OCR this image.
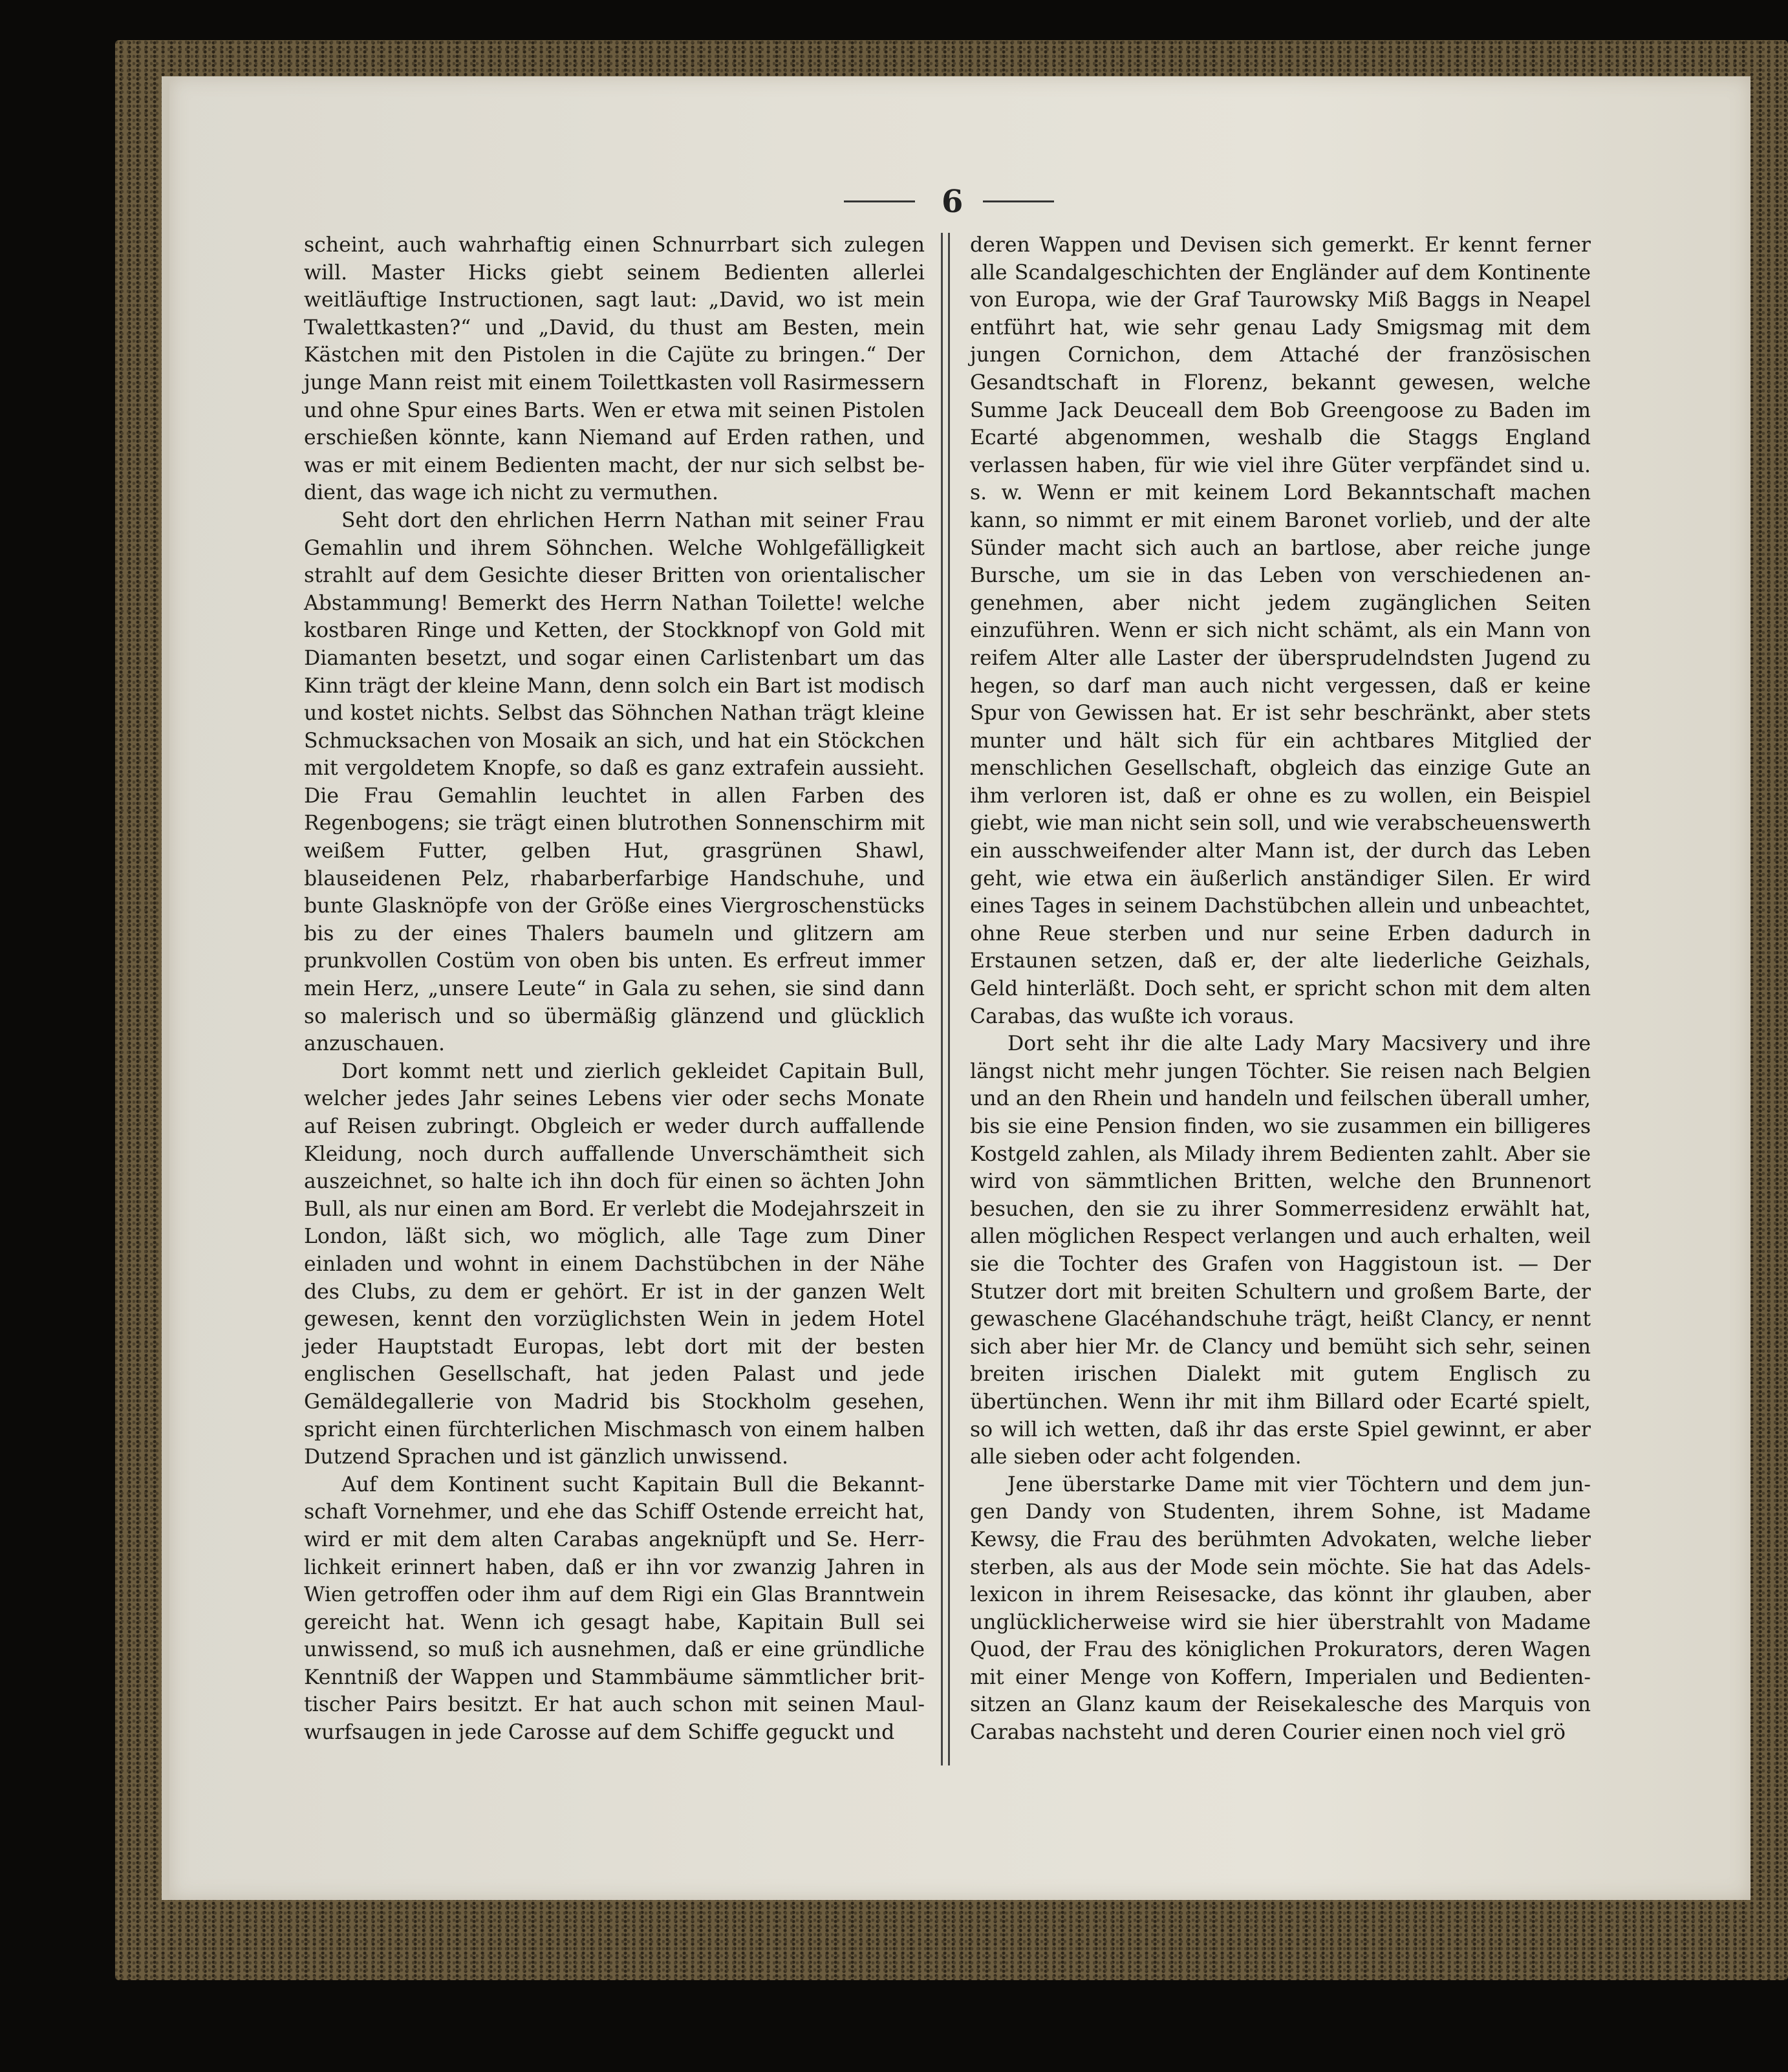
6

scheint, auch wahrhaftig einen Schnurrbart sich zulegen will. Master Hicks giebt seinem Bedienten allerlei weitläuftige Instructionen, sagt laut: „David, wo ist mein Twalettkasten?“ und „David, du thust am Besten, mein Kästchen mit den Pistolen in die Cajüte zu bringen.“ Der junge Mann reist mit einem Toilettkasten voll Rasirmessern und ohne Spur eines Barts. Wen er etwa mit seinen Pistolen erschießen könnte, kann Niemand auf Erden rathen, und was er mit einem Bedienten macht, der nur sich selbst bedient, das wage ich nicht zu vermuthen.

Seht dort den ehrlichen Herrn Nathan mit seiner Frau Gemahlin und ihrem Söhnchen. Welche Wohlgefälligkeit strahlt auf dem Gesichte dieser Britten von orientalischer Abstammung! Bemerkt des Herrn Nathan Toilette! welche kostbaren Ringe und Ketten, der Stockknopf von Gold mit Diamanten besetzt, und sogar einen Carlistenbart um das Kinn trägt der kleine Mann, denn solch ein Bart ist modisch und kostet nichts. Selbst das Söhnchen Nathan trägt kleine Schmucksachen von Mosaik an sich, und hat ein Stöckchen mit vergoldetem Knopfe, so daß es ganz extrafein aussieht. Die Frau Gemahlin leuchtet in allen Farben des Regenbogens; sie trägt einen blutrothen Sonnenschirm mit weißem Futter, gelben Hut, grasgrünen Shawl, blauseidenen Pelz, rhabarberfarbige Handschuhe, und bunte Glasknöpfe von der Größe eines Viergroschenstücks bis zu der eines Thalers baumeln und glitzern am prunkvollen Costüm von oben bis unten. Es erfreut immer mein Herz, „unsere Leute“ in Gala zu sehen, sie sind dann so malerisch und so übermäßig glänzend und glücklich anzuschauen.

Dort kommt nett und zierlich gekleidet Capitain Bull, welcher jedes Jahr seines Lebens vier oder sechs Monate auf Reisen zubringt. Obgleich er weder durch auffallende Kleidung, noch durch auffallende Unverschämtheit sich auszeichnet, so halte ich ihn doch für einen so ächten John Bull, als nur einen am Bord. Er verlebt die Modejahrszeit in London, läßt sich, wo möglich, alle Tage zum Diner einladen und wohnt in einem Dachstübchen in der Nähe des Clubs, zu dem er gehört. Er ist in der ganzen Welt gewesen, kennt den vorzüglichsten Wein in jedem Hotel jeder Hauptstadt Europas, lebt dort mit der besten englischen Gesellschaft, hat jeden Palast und jede Gemäldegallerie von Madrid bis Stockholm gesehen, spricht einen fürchterlichen Mischmasch von einem halben Dutzend Sprachen und ist gänzlich unwissend.

Auf dem Kontinent sucht Kapitain Bull die Bekanntschaft Vornehmer, und ehe das Schiff Ostende erreicht hat, wird er mit dem alten Carabas angeknüpft und Se. Herrlichkeit erinnert haben, daß er ihn vor zwanzig Jahren in Wien getroffen oder ihm auf dem Rigi ein Glas Branntwein gereicht hat. Wenn ich gesagt habe, Kapitain Bull sei unwissend, so muß ich ausnehmen, daß er eine gründliche Kenntniß der Wappen und Stammbäume sämmtlicher brittischer Pairs besitzt. Er hat auch schon mit seinen Maulwurfsaugen in jede Carosse auf dem Schiffe geguckt und

deren Wappen und Devisen sich gemerkt. Er kennt ferner alle Scandalgeschichten der Engländer auf dem Kontinente von Europa, wie der Graf Taurowsky Miß Baggs in Neapel entführt hat, wie sehr genau Lady Smigsmag mit dem jungen Cornichon, dem Attaché der französischen Gesandtschaft in Florenz, bekannt gewesen, welche Summe Jack Deuceall dem Bob Greengoose zu Baden im Ecarté abgenommen, weshalb die Staggs England verlassen haben, für wie viel ihre Güter verpfändet sind u. s. w. Wenn er mit keinem Lord Bekanntschaft machen kann, so nimmt er mit einem Baronet vorlieb, und der alte Sünder macht sich auch an bartlose, aber reiche junge Bursche, um sie in das Leben von verschiedenen angenehmen, aber nicht jedem zugänglichen Seiten einzuführen. Wenn er sich nicht schämt, als ein Mann von reifem Alter alle Laster der übersprudelndsten Jugend zu hegen, so darf man auch nicht vergessen, daß er keine Spur von Gewissen hat. Er ist sehr beschränkt, aber stets munter und hält sich für ein achtbares Mitglied der menschlichen Gesellschaft, obgleich das einzige Gute an ihm verloren ist, daß er ohne es zu wollen, ein Beispiel giebt, wie man nicht sein soll, und wie verabscheuenswerth ein ausschweifender alter Mann ist, der durch das Leben geht, wie etwa ein äußerlich anständiger Silen. Er wird eines Tages in seinem Dachstübchen allein und unbeachtet, ohne Reue sterben und nur seine Erben dadurch in Erstaunen setzen, daß er, der alte liederliche Geizhals, Geld hinterläßt. Doch seht, er spricht schon mit dem alten Carabas, das wußte ich voraus.

Dort seht ihr die alte Lady Mary Macsivery und ihre längst nicht mehr jungen Töchter. Sie reisen nach Belgien und an den Rhein und handeln und feilschen überall umher, bis sie eine Pension finden, wo sie zusammen ein billigeres Kostgeld zahlen, als Milady ihrem Bedienten zahlt. Aber sie wird von sämmtlichen Britten, welche den Brunnenort besuchen, den sie zu ihrer Sommerresidenz erwählt hat, allen möglichen Respect verlangen und auch erhalten, weil sie die Tochter des Grafen von Haggistoun ist. — Der Stutzer dort mit breiten Schultern und großem Barte, der gewaschene Glacéhandschuhe trägt, heißt Clancy, er nennt sich aber hier Mr. de Clancy und bemüht sich sehr, seinen breiten irischen Dialekt mit gutem Englisch zu übertünchen. Wenn ihr mit ihm Billard oder Ecarté spielt, so will ich wetten, daß ihr das erste Spiel gewinnt, er aber alle sieben oder acht folgenden.

Jene überstarke Dame mit vier Töchtern und dem jungen Dandy von Studenten, ihrem Sohne, ist Madame Kewsy, die Frau des berühmten Advokaten, welche lieber sterben, als aus der Mode sein möchte. Sie hat das Adelslexicon in ihrem Reisesacke, das könnt ihr glauben, aber unglücklicherweise wird sie hier überstrahlt von Madame Quod, der Frau des königlichen Prokurators, deren Wagen mit einer Menge von Koffern, Imperialen und Bedientensitzen an Glanz kaum der Reisekalesche des Marquis von Carabas nachsteht und deren Courier einen noch viel grö
